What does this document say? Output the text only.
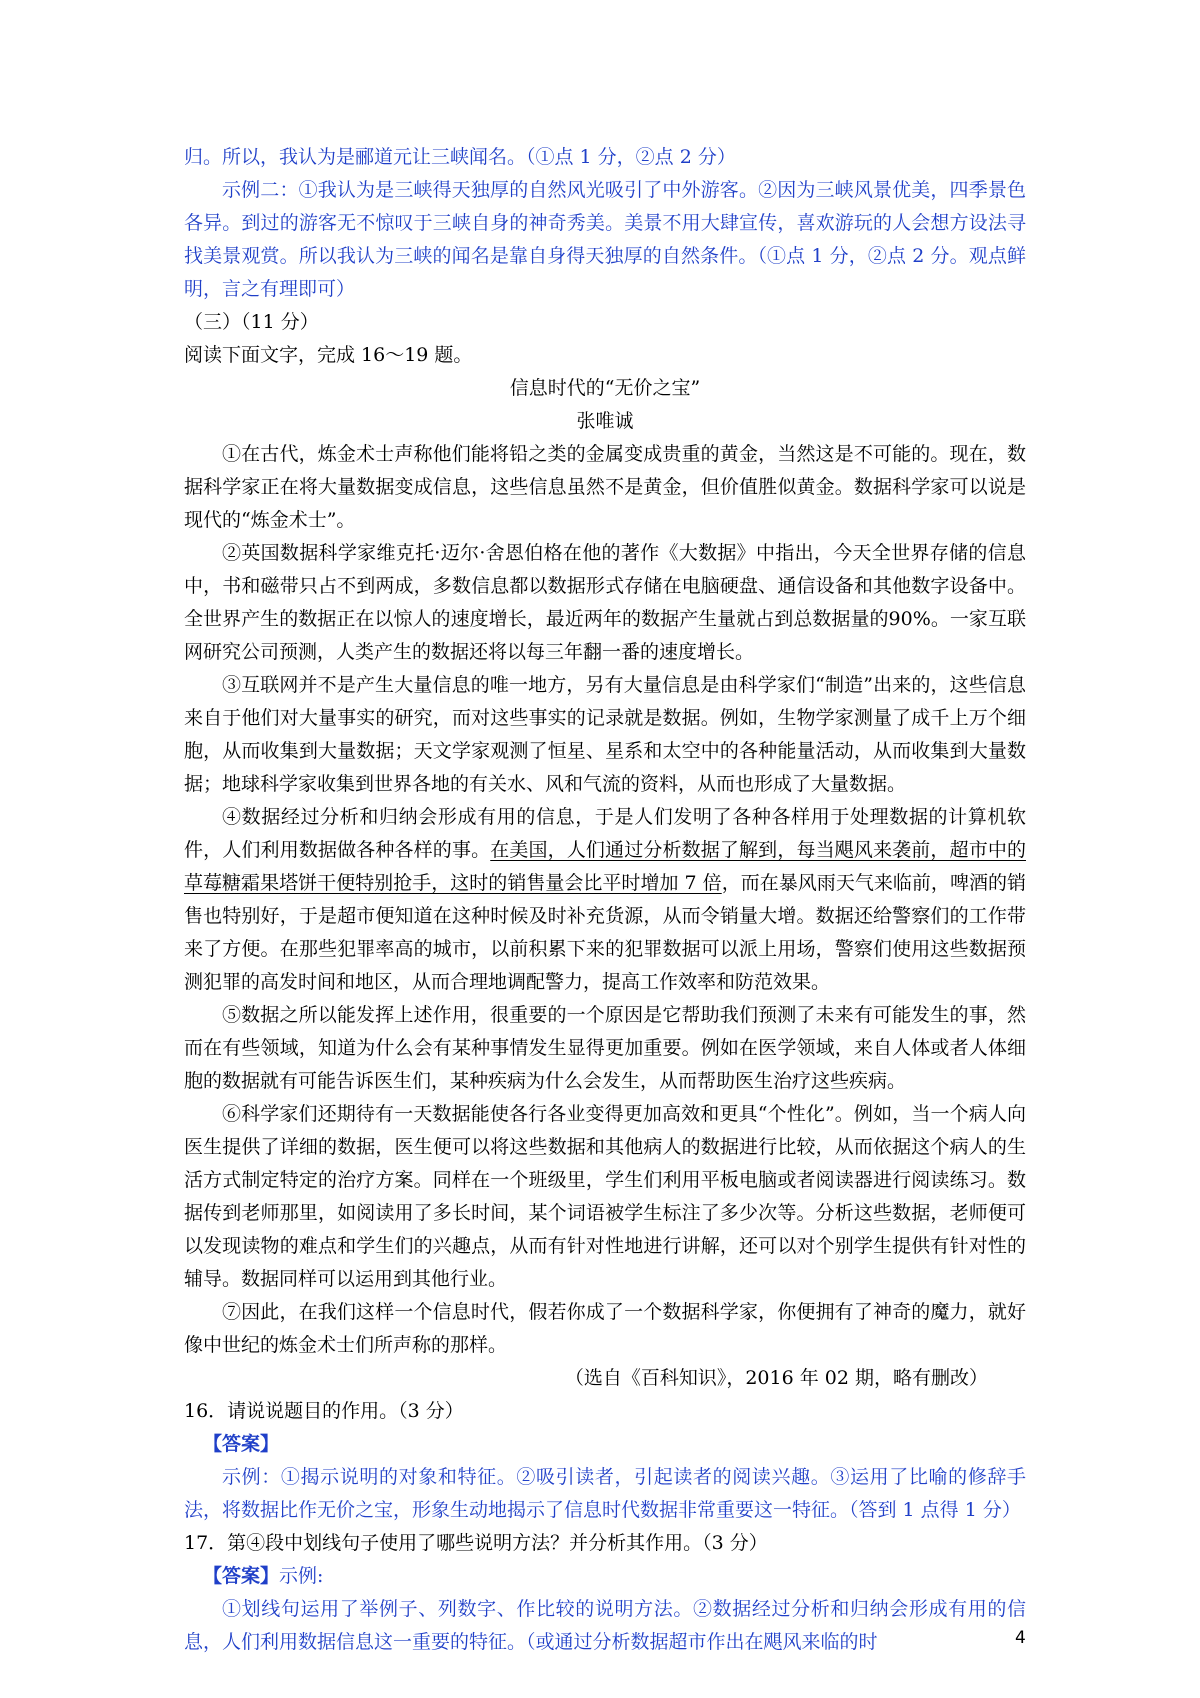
归。所以，我认为是郦道元让三峡闻名。（①点 1 分，②点 2 分）

示例二：①我认为是三峡得天独厚的自然风光吸引了中外游客。②因为三峡风景优美，四季景色各异。到过的游客无不惊叹于三峡自身的神奇秀美。美景不用大肆宣传，喜欢游玩的人会想方设法寻找美景观赏。所以我认为三峡的闻名是靠自身得天独厚的自然条件。（①点 1 分，②点 2 分。观点鲜明，言之有理即可）

（三）（11 分）

阅读下面文字，完成 16～19 题。

信息时代的“无价之宝”

张唯诚

①在古代，炼金术士声称他们能将铅之类的金属变成贵重的黄金，当然这是不可能的。现在，数据科学家正在将大量数据变成信息，这些信息虽然不是黄金，但价值胜似黄金。数据科学家可以说是现代的“炼金术士”。

②英国数据科学家维克托·迈尔·舍恩伯格在他的著作《大数据》中指出，今天全世界存储的信息中，书和磁带只占不到两成，多数信息都以数据形式存储在电脑硬盘、通信设备和其他数字设备中。全世界产生的数据正在以惊人的速度增长，最近两年的数据产生量就占到总数据量的90%。一家互联网研究公司预测，人类产生的数据还将以每三年翻一番的速度增长。

③互联网并不是产生大量信息的唯一地方，另有大量信息是由科学家们“制造”出来的，这些信息来自于他们对大量事实的研究，而对这些事实的记录就是数据。例如，生物学家测量了成千上万个细胞，从而收集到大量数据；天文学家观测了恒星、星系和太空中的各种能量活动，从而收集到大量数据；地球科学家收集到世界各地的有关水、风和气流的资料，从而也形成了大量数据。

④数据经过分析和归纳会形成有用的信息，于是人们发明了各种各样用于处理数据的计算机软件，人们利用数据做各种各样的事。在美国，人们通过分析数据了解到，每当飓风来袭前，超市中的草莓糖霜果塔饼干便特别抢手，这时的销售量会比平时增加 7 倍，而在暴风雨天气来临前，啤酒的销售也特别好，于是超市便知道在这种时候及时补充货源，从而令销量大增。数据还给警察们的工作带来了方便。在那些犯罪率高的城市，以前积累下来的犯罪数据可以派上用场，警察们使用这些数据预测犯罪的高发时间和地区，从而合理地调配警力，提高工作效率和防范效果。

⑤数据之所以能发挥上述作用，很重要的一个原因是它帮助我们预测了未来有可能发生的事，然而在有些领域，知道为什么会有某种事情发生显得更加重要。例如在医学领域，来自人体或者人体细胞的数据就有可能告诉医生们，某种疾病为什么会发生，从而帮助医生治疗这些疾病。

⑥科学家们还期待有一天数据能使各行各业变得更加高效和更具“个性化”。例如，当一个病人向医生提供了详细的数据，医生便可以将这些数据和其他病人的数据进行比较，从而依据这个病人的生活方式制定特定的治疗方案。同样在一个班级里，学生们利用平板电脑或者阅读器进行阅读练习。数据传到老师那里，如阅读用了多长时间，某个词语被学生标注了多少次等。分析这些数据，老师便可以发现读物的难点和学生们的兴趣点，从而有针对性地进行讲解，还可以对个别学生提供有针对性的辅导。数据同样可以运用到其他行业。

⑦因此，在我们这样一个信息时代，假若你成了一个数据科学家，你便拥有了神奇的魔力，就好像中世纪的炼金术士们所声称的那样。

（选自《百科知识》，2016 年 02 期，略有删改）

16．请说说题目的作用。（3 分）

【答案】

示例：①揭示说明的对象和特征。②吸引读者，引起读者的阅读兴趣。③运用了比喻的修辞手法，将数据比作无价之宝，形象生动地揭示了信息时代数据非常重要这一特征。（答到 1 点得 1 分）

17．第④段中划线句子使用了哪些说明方法？并分析其作用。（3 分）

【答案】示例:

①划线句运用了举例子、列数字、作比较的说明方法。②数据经过分析和归纳会形成有用的信息，人们利用数据信息这一重要的特征。（或通过分析数据超市作出在飓风来临的时	4
